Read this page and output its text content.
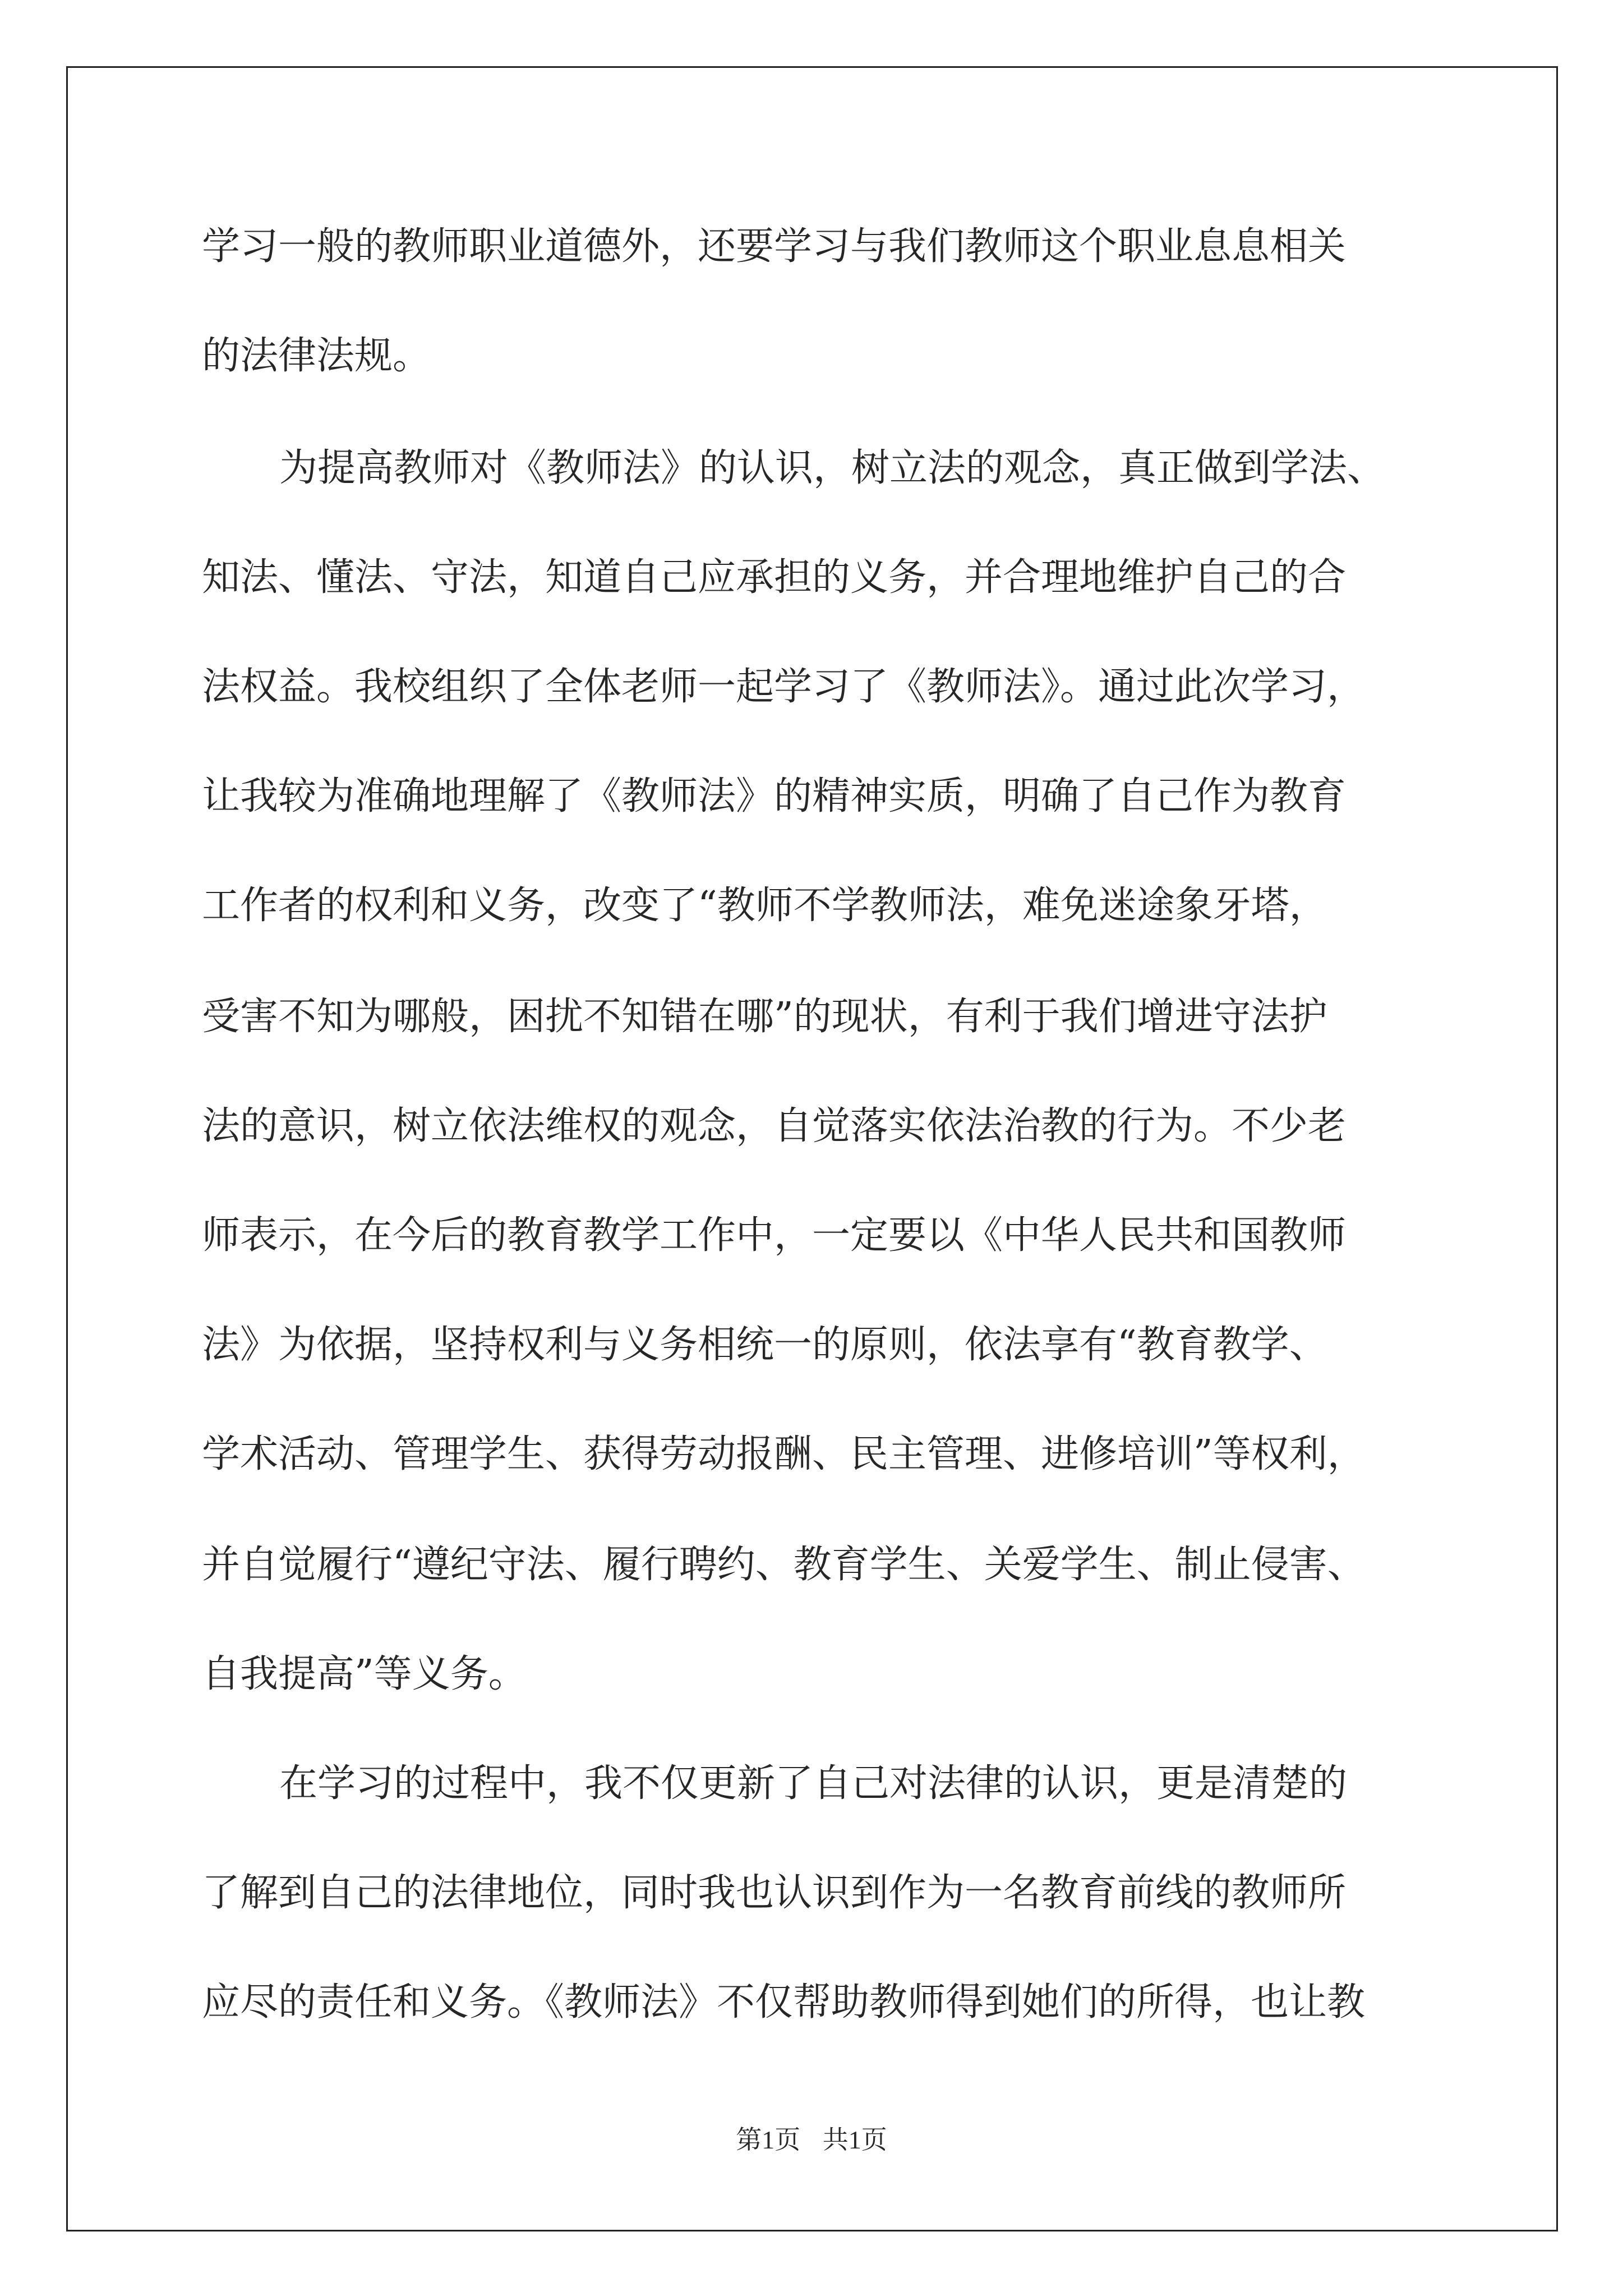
学习一般的教师职业道德外，还要学习与我们教师这个职业息息相关

的法律法规。

为提高教师对《教师法》的认识，树立法的观念，真正做到学法、

知法、懂法、守法，知道自己应承担的义务，并合理地维护自己的合

法权益。我校组织了全体老师一起学习了《教师法》。通过此次学习，

让我较为准确地理解了《教师法》的精神实质，明确了自己作为教育

工作者的权利和义务，改变了“教师不学教师法，难免迷途象牙塔，

受害不知为哪般，困扰不知错在哪”的现状，有利于我们增进守法护

法的意识，树立依法维权的观念，自觉落实依法治教的行为。不少老

师表示，在今后的教育教学工作中，一定要以《中华人民共和国教师

法》为依据，坚持权利与义务相统一的原则，依法享有“教育教学、

学术活动、管理学生、获得劳动报酬、民主管理、进修培训”等权利，

并自觉履行“遵纪守法、履行聘约、教育学生、关爱学生、制止侵害、

自我提高”等义务。

在学习的过程中，我不仅更新了自己对法律的认识，更是清楚的

了解到自己的法律地位，同时我也认识到作为一名教育前线的教师所

应尽的责任和义务。《教师法》不仅帮助教师得到她们的所得，也让教

第1页 共1页
